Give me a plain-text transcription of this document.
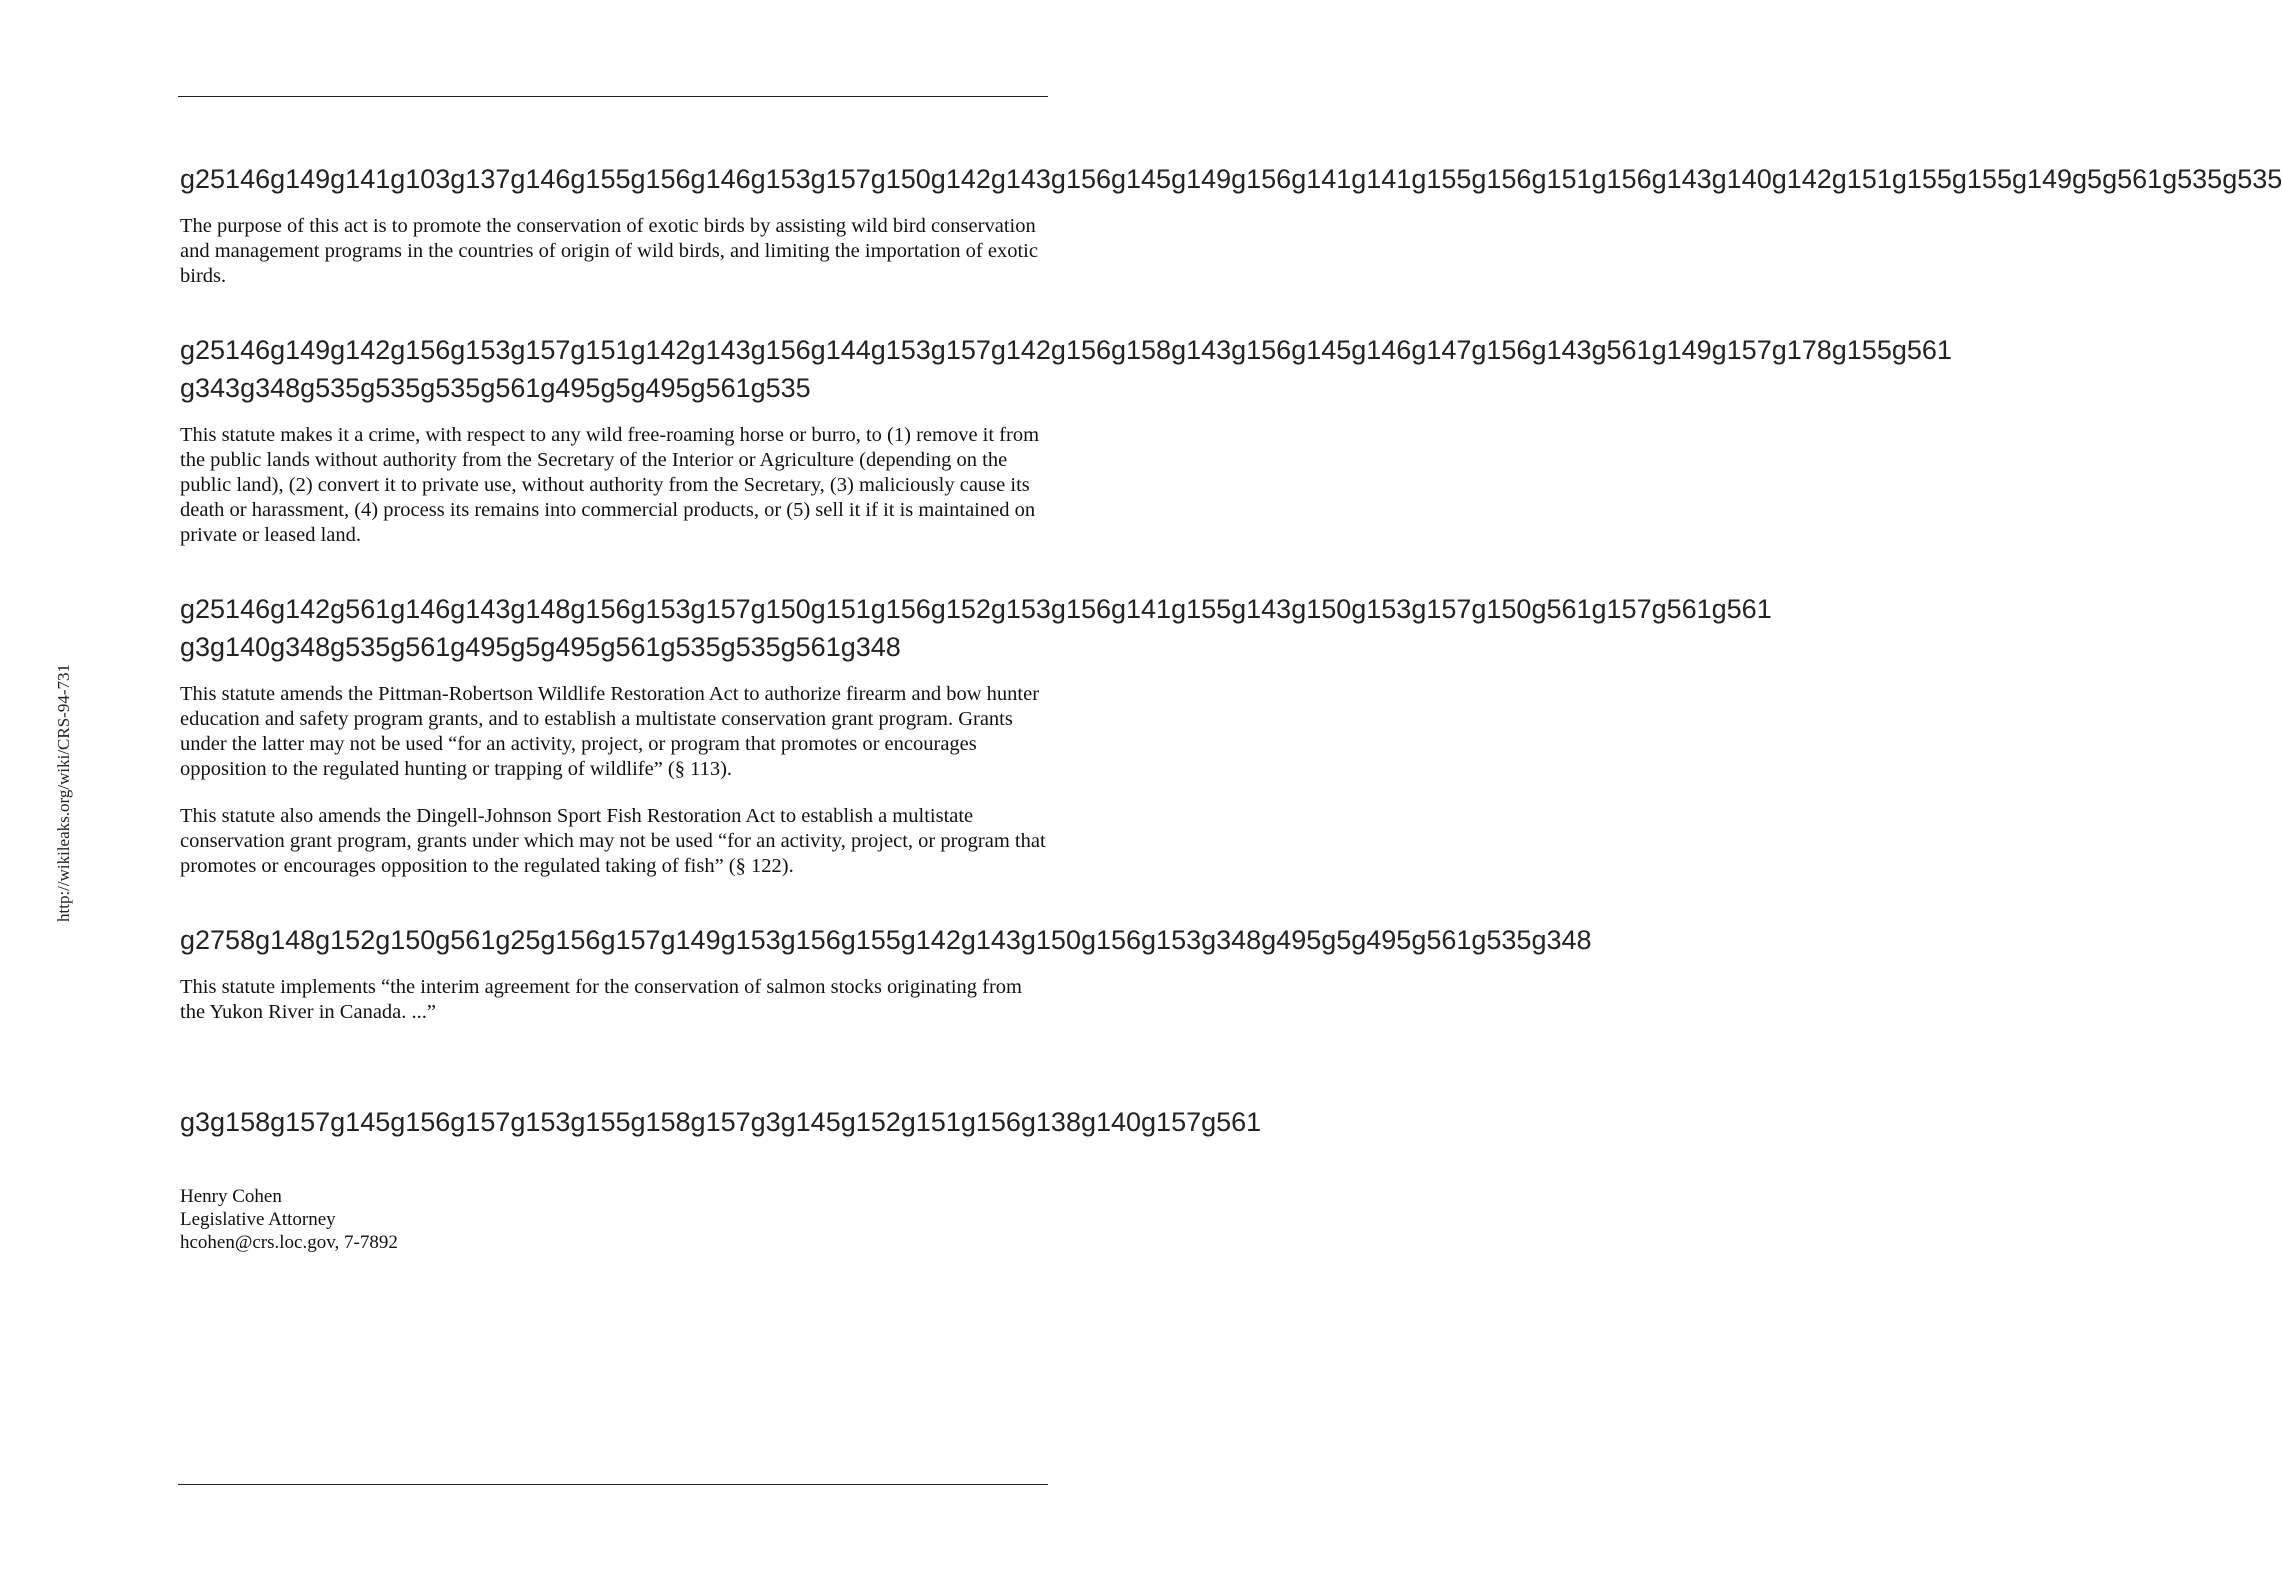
http://wikileaks.org/wiki/CRS-94-731

g25146g149g141g103g137g146g155g156g146g153g157g150g142g143g156g145g149g156g141g141g155g156g151g156g143g140g142g151g155g155g149g5g561g535g535

The purpose of this act is to promote the conservation of exotic birds by assisting wild bird conservation and management programs in the countries of origin of wild birds, and limiting the importation of exotic birds.

g25146g149g142g156g153g157g151g142g143g156g144g153g157g142g156g158g143g156g145g146g147g156g143g561g149g157g178g155g561

g343g348g535g535g535g561g495g5g495g561g535

This statute makes it a crime, with respect to any wild free-roaming horse or burro, to (1) remove it from the public lands without authority from the Secretary of the Interior or Agriculture (depending on the public land), (2) convert it to private use, without authority from the Secretary, (3) maliciously cause its death or harassment, (4) process its remains into commercial products, or (5) sell it if it is maintained on private or leased land.

g25146g142g561g146g143g148g156g153g157g150g151g156g152g153g156g141g155g143g150g153g157g150g561g157g561g561

g3g140g348g535g561g495g5g495g561g535g535g561g348

This statute amends the Pittman-Robertson Wildlife Restoration Act to authorize firearm and bow hunter education and safety program grants, and to establish a multistate conservation grant program. Grants under the latter may not be used “for an activity, project, or program that promotes or encourages opposition to the regulated hunting or trapping of wildlife” (§ 113).

This statute also amends the Dingell-Johnson Sport Fish Restoration Act to establish a multistate conservation grant program, grants under which may not be used “for an activity, project, or program that promotes or encourages opposition to the regulated taking of fish” (§ 122).

g2758g148g152g150g561g25g156g157g149g153g156g155g142g143g150g156g153g348g495g5g495g561g535g348

This statute implements “the interim agreement for the conservation of salmon stocks originating from the Yukon River in Canada. ...”

g3g158g157g145g156g157g153g155g158g157g3g145g152g151g156g138g140g157g561

Henry Cohen
Legislative Attorney
hcohen@crs.loc.gov, 7-7892
